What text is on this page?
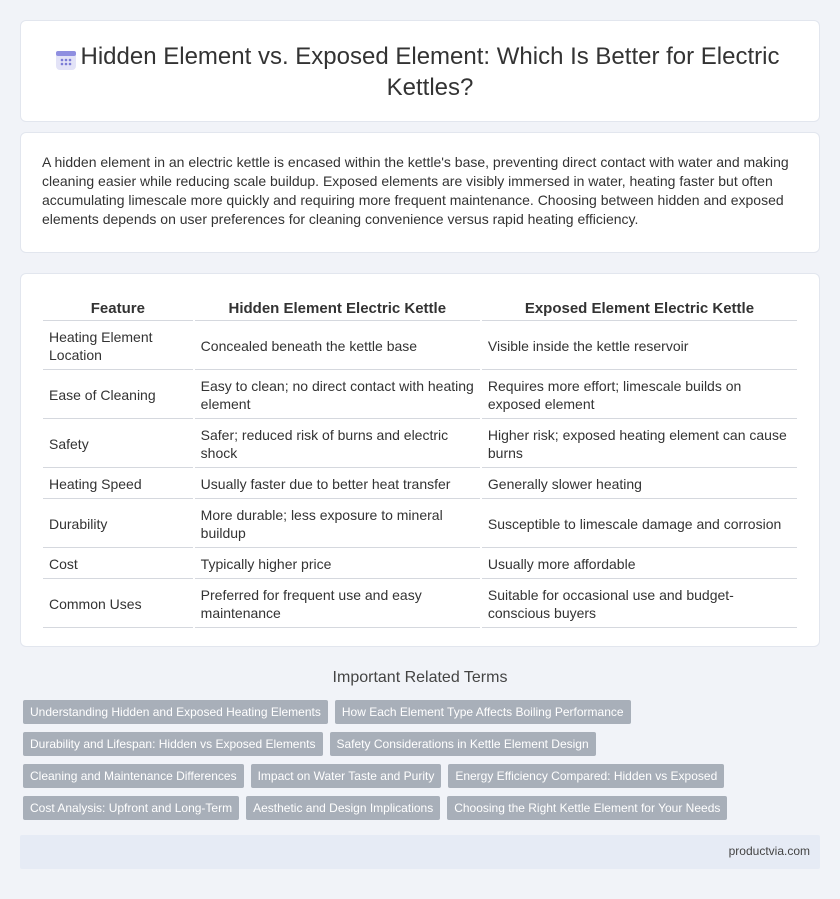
Hidden Element vs. Exposed Element: Which Is Better for Electric Kettles?

A hidden element in an electric kettle is encased within the kettle's base, preventing direct contact with water and making cleaning easier while reducing scale buildup. Exposed elements are visibly immersed in water, heating faster but often accumulating limescale more quickly and requiring more frequent maintenance. Choosing between hidden and exposed elements depends on user preferences for cleaning convenience versus rapid heating efficiency.

Feature	Hidden Element Electric Kettle	Exposed Element Electric Kettle
Heating Element Location	Concealed beneath the kettle base	Visible inside the kettle reservoir
Ease of Cleaning	Easy to clean; no direct contact with heating element	Requires more effort; limescale builds on exposed element
Safety	Safer; reduced risk of burns and electric shock	Higher risk; exposed heating element can cause burns
Heating Speed	Usually faster due to better heat transfer	Generally slower heating
Durability	More durable; less exposure to mineral buildup	Susceptible to limescale damage and corrosion
Cost	Typically higher price	Usually more affordable
Common Uses	Preferred for frequent use and easy maintenance	Suitable for occasional use and budget-conscious buyers
Important Related Terms
Understanding Hidden and Exposed Heating Elements	How Each Element Type Affects Boiling Performance
Durability and Lifespan: Hidden vs Exposed Elements	Safety Considerations in Kettle Element Design
Cleaning and Maintenance Differences	Impact on Water Taste and Purity	Energy Efficiency Compared: Hidden vs Exposed
Cost Analysis: Upfront and Long-Term	Aesthetic and Design Implications	Choosing the Right Kettle Element for Your Needs
productvia.com
